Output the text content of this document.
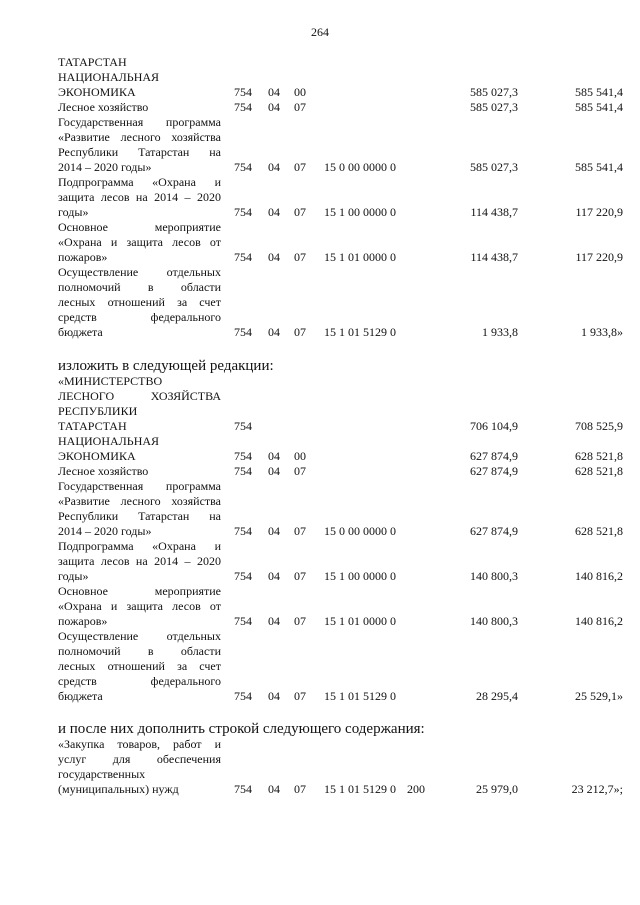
264
ТАТАРСТАН
НАЦИОНАЛЬНАЯ
ЭКОНОМИКА	754 04 00	585 027,3	585 541,4
Лесное хозяйство	754 04 07	585 027,3	585 541,4
Государственная программа
«Развитие лесного хозяйства
Республики Татарстан на
2014 – 2020 годы»	754 04 07 15 0 00 0000 0	585 027,3	585 541,4
Подпрограмма «Охрана и
защита лесов на 2014 – 2020
годы»	754 04 07 15 1 00 0000 0	114 438,7	117 220,9
Основное мероприятие
«Охрана и защита лесов от
пожаров»	754 04 07 15 1 01 0000 0	114 438,7	117 220,9
Осуществление отдельных
полномочий в области
лесных отношений за счет
средств федерального
бюджета	754 04 07 15 1 01 5129 0	1 933,8	1 933,8»
изложить в следующей редакции:
«МИНИСТЕРСТВО
ЛЕСНОГО ХОЗЯЙСТВА
РЕСПУБЛИКИ
ТАТАРСТАН	754	706 104,9	708 525,9
НАЦИОНАЛЬНАЯ
ЭКОНОМИКА	754 04 00	627 874,9	628 521,8
Лесное хозяйство	754 04 07	627 874,9	628 521,8
Государственная программа
«Развитие лесного хозяйства
Республики Татарстан на
2014 – 2020 годы»	754 04 07 15 0 00 0000 0	627 874,9	628 521,8
Подпрограмма «Охрана и
защита лесов на 2014 – 2020
годы»	754 04 07 15 1 00 0000 0	140 800,3	140 816,2
Основное мероприятие
«Охрана и защита лесов от
пожаров»	754 04 07 15 1 01 0000 0	140 800,3	140 816,2
Осуществление отдельных
полномочий в области
лесных отношений за счет
средств федерального
бюджета	754 04 07 15 1 01 5129 0	28 295,4	25 529,1»
и после них дополнить строкой следующего содержания:
«Закупка товаров, работ и
услуг для обеспечения
государственных
(муниципальных) нужд	754 04 07 15 1 01 5129 0 200	25 979,0	23 212,7»;
